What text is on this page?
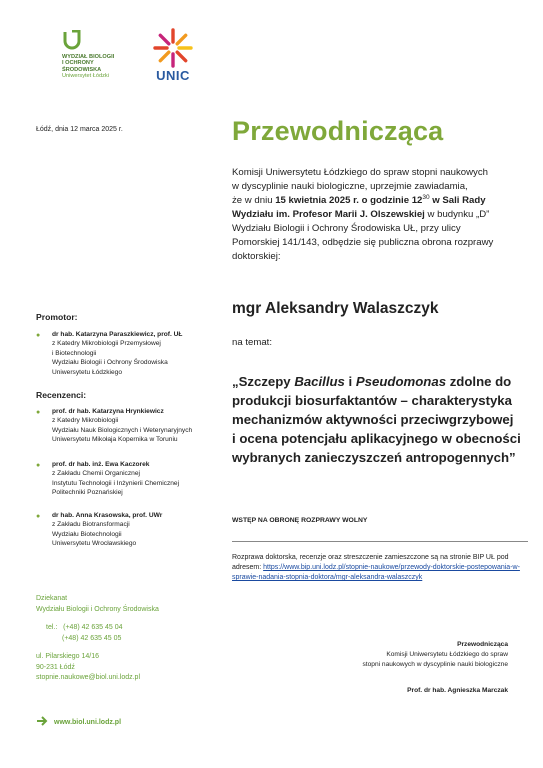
WYDZIAŁ BIOLOGII
I OCHRONY
ŚRODOWISKA
Uniwersytet Łódzki	UNIC
Łódź, dnia 12 marca 2025 r.	Przewodnicząca
Komisji Uniwersytetu Łódzkiego do spraw stopni naukowych
w dyscyplinie nauki biologiczne, uprzejmie zawiadamia,
że w dniu 15 kwietnia 2025 r. o godzinie $12^{30}$ w Sali Rady
Wydziału im. Profesor Marii J. Olszewskiej w budynku „D”
Wydziału Biologii i Ochrony Środowiska UŁ, przy ulicy
Pomorskiej 141/143, odbędzie się publiczna obrona rozprawy
doktorskiej:
mgr Aleksandry Walaszczyk
na temat:
„Szczepy Bacillus i Pseudomonas zdolne do
produkcji biosurfaktantów – charakterystyka
mechanizmów aktywności przeciwgrzybowej
i ocena potencjału aplikacyjnego w obecności
wybranych zanieczyszczeń antropogennych”
WSTĘP NA OBRONĘ ROZPRAWY WOLNY
Rozprawa doktorska, recenzje oraz streszczenie zamieszczone są na stronie BIP UŁ pod adresem: https://www.bip.uni.lodz.pl/stopnie-naukowe/przewody-doktorskie-postepowania-w-sprawie-nadania-stopnia-doktora/mgr-aleksandra-walaszczyk
Promotor:
● dr hab. Katarzyna Paraszkiewicz, prof. UŁ
z Katedry Mikrobiologii Przemysłowej
i Biotechnologii
Wydziału Biologii i Ochrony Środowiska
Uniwersytetu Łódzkiego
Recenzenci:
● prof. dr hab. Katarzyna Hrynkiewicz
z Katedry Mikrobiologii
Wydziału Nauk Biologicznych i Weterynaryjnych
Uniwersytetu Mikołaja Kopernika w Toruniu
● prof. dr hab. inż. Ewa Kaczorek
z Zakładu Chemii Organicznej
Instytutu Technologii i Inżynierii Chemicznej
Politechniki Poznańskiej
● dr hab. Anna Krasowska, prof. UWr
z Zakładu Biotransformacji
Wydziału Biotechnologii
Uniwersytetu Wrocławskiego
Dziekanat
Wydziału Biologii i Ochrony Środowiska
tel.: (+48) 42 635 45 04
(+48) 42 635 45 05
ul. Pilarskiego 14/16
90-231 Łódź
stopnie.naukowe@biol.uni.lodz.pl
www.biol.uni.lodz.pl
Przewodnicząca
Komisji Uniwersytetu Łódzkiego do spraw
stopni naukowych w dyscyplinie nauki biologiczne
Prof. dr hab. Agnieszka Marczak
